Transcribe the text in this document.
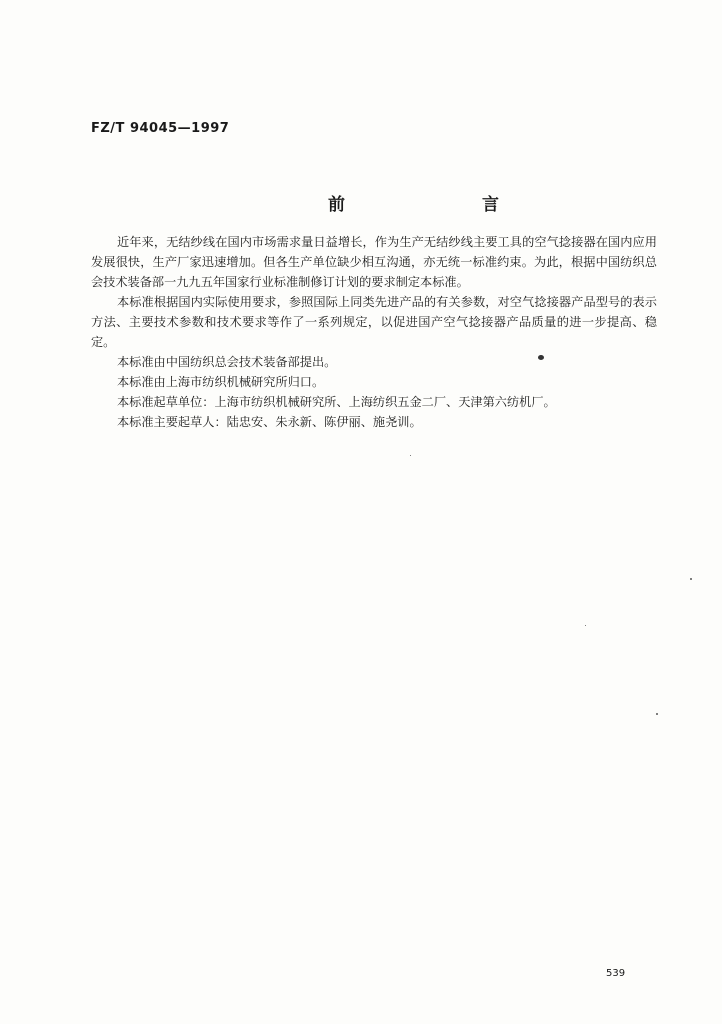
FZ/T 94045—1997
前　言

近年来，无结纱线在国内市场需求量日益增长，作为生产无结纱线主要工具的空气捻接器在国内应用发展很快，生产厂家迅速增加。但各生产单位缺少相互沟通，亦无统一标准约束。为此，根据中国纺织总会技术装备部一九九五年国家行业标准制修订计划的要求制定本标准。

本标准根据国内实际使用要求，参照国际上同类先进产品的有关参数，对空气捻接器产品型号的表示方法、主要技术参数和技术要求等作了一系列规定，以促进国产空气捻接器产品质量的进一步提高、稳定。

本标准由中国纺织总会技术装备部提出。

本标准由上海市纺织机械研究所归口。

本标准起草单位：上海市纺织机械研究所、上海纺织五金二厂、天津第六纺机厂。

本标准主要起草人：陆忠安、朱永新、陈伊丽、施尧训。

539
